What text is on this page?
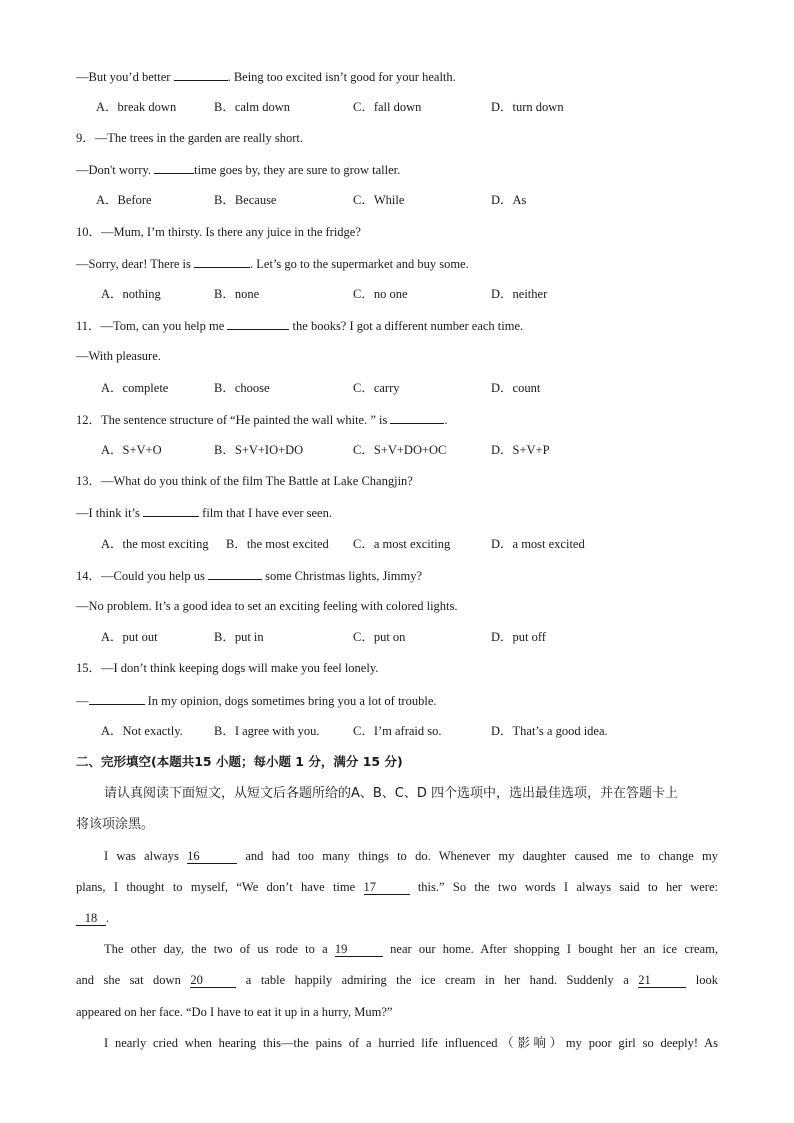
—But you’d better	. Being too excited isn’t good for your health.
A．break down	B．calm down	C．fall down	D．turn down
9．—The trees in the garden are really short.
—Don't worry.	time goes by, they are sure to grow taller.
A．Before	B．Because	C．While	D．As
10．—Mum, I’m thirsty. Is there any juice in the fridge?
—Sorry, dear! There is	. Let’s go to the supermarket and buy some.
A．nothing	B．none	C．no one	D．neither
11．—Tom, can you help me	the books? I got a different number each time.
—With pleasure.
A．complete	B．choose	C．carry	D．count
12．The sentence structure of “He painted the wall white. ” is	.
A．S+V+O	B．S+V+IO+DO	C．S+V+DO+OC	D．S+V+P
13．—What do you think of the film The Battle at Lake Changjin?
—I think it’s	film that I have ever seen.
A．the most exciting B．the most excited C．a most exciting	D．a most excited
14．—Could you help us	some Christmas lights, Jimmy?
—No problem. It’s a good idea to set an exciting feeling with colored lights.
A．put out	B．put in	C．put on	D．put off
15．—I don’t think keeping dogs will make you feel lonely.
—	In my opinion, dogs sometimes bring you a lot of trouble.
A．Not exactly. B．I agree with you.	C．I’m afraid so.	D．That’s a good idea.
二、完形填空(本题共15 小题；每小题 1 分，满分 15 分)
请认真阅读下面短文，从短文后各题所给的A、B、C、D 四个选项中，选出最佳选项，并在答题卡上
将该项涂黑。
I was always 16	and had too many things to do. Whenever my daughter caused me to change my
plans, I thought to myself, “We don’t have time 17	this.” So the two words I always said to her were:
18 .
The other day, the two of us rode to a 19	near our home. After shopping I bought her an ice cream,
and she sat down 20	a table happily admiring the ice cream in her hand. Suddenly a 21	look
appeared on her face. “Do I have to eat it up in a hurry, Mum?”
I nearly cried when hearing this—the pains of a hurried life influenced（影响）my poor girl so deeply! As
